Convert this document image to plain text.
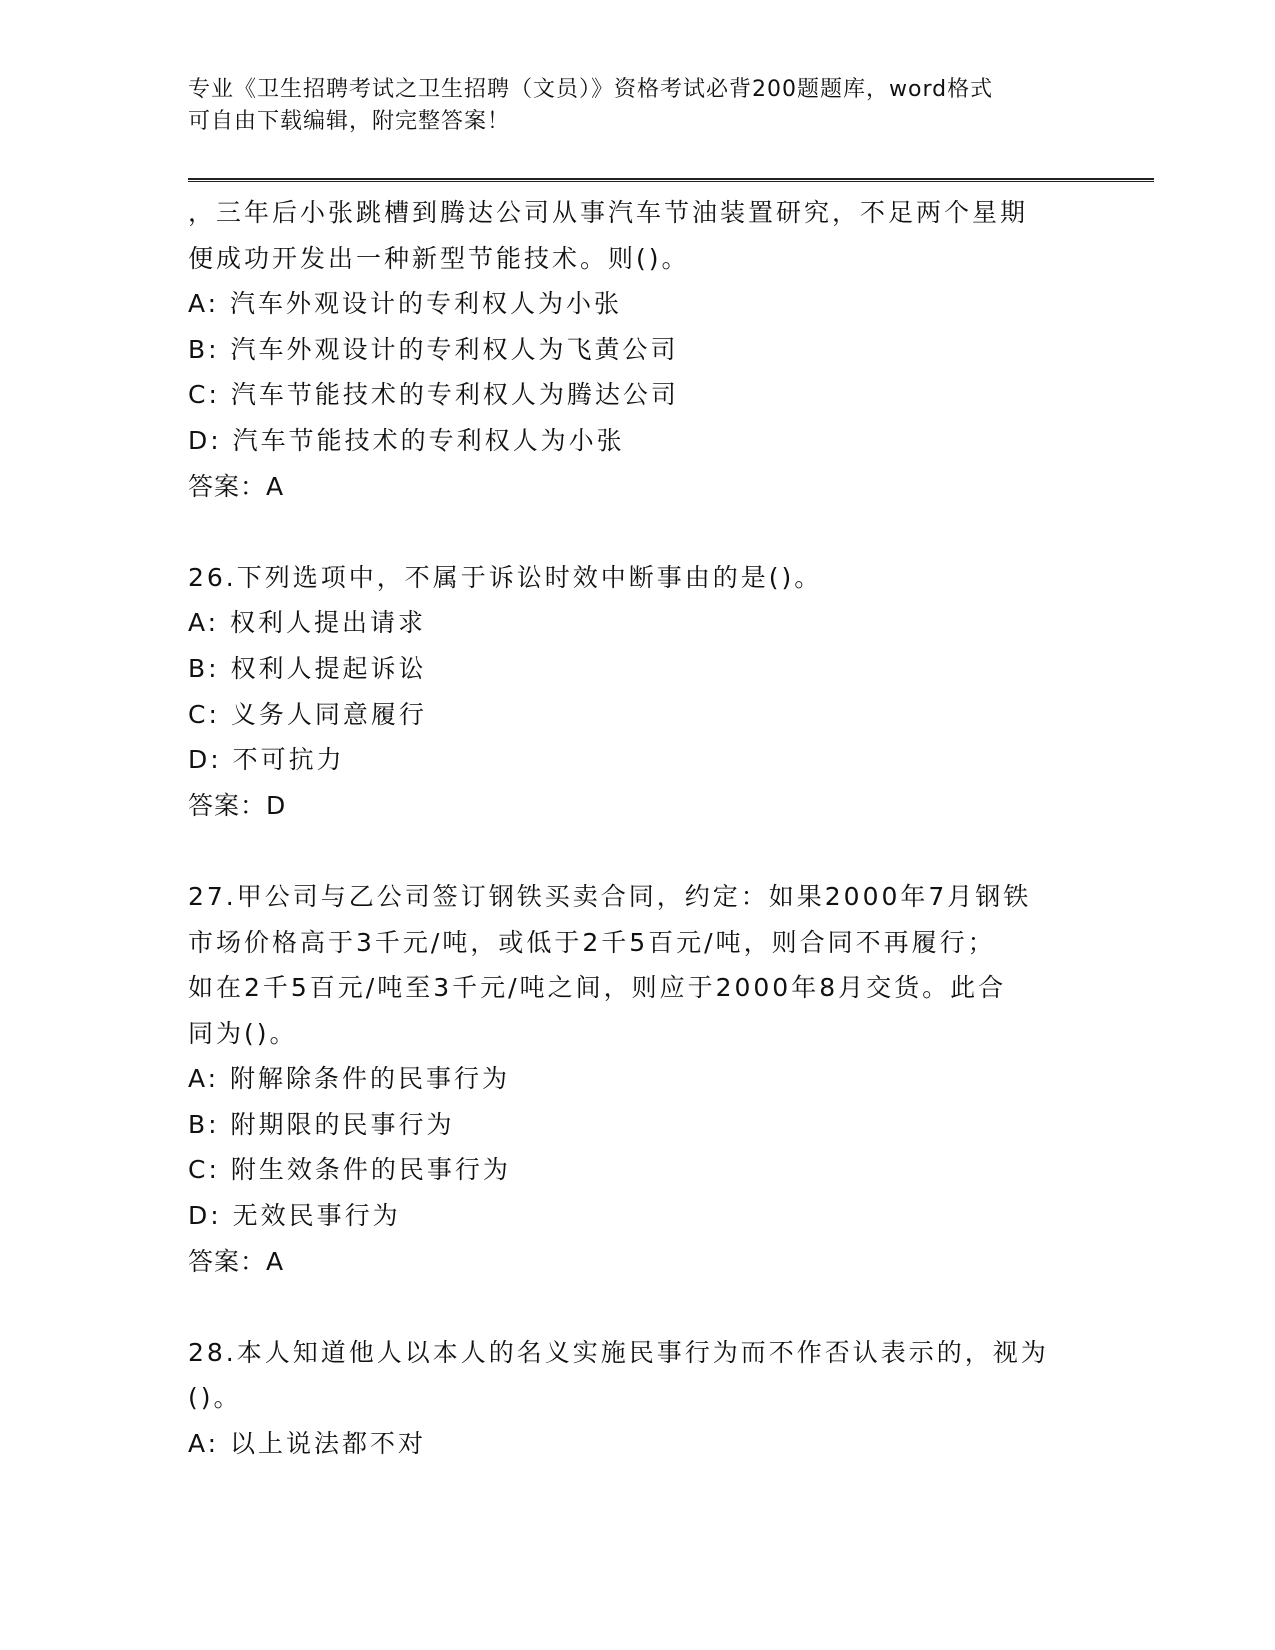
专业《卫生招聘考试之卫生招聘（文员）》资格考试必背200题题库，word格式
可自由下载编辑，附完整答案！
，三年后小张跳槽到腾达公司从事汽车节油装置研究，不足两个星期
便成功开发出一种新型节能技术。则()。
A: 汽车外观设计的专利权人为小张
B: 汽车外观设计的专利权人为飞黄公司
C: 汽车节能技术的专利权人为腾达公司
D: 汽车节能技术的专利权人为小张
答案：A
26.下列选项中，不属于诉讼时效中断事由的是()。
A: 权利人提出请求
B: 权利人提起诉讼
C: 义务人同意履行
D: 不可抗力
答案：D
27.甲公司与乙公司签订钢铁买卖合同，约定：如果2000年7月钢铁
市场价格高于3千元/吨，或低于2千5百元/吨，则合同不再履行；
如在2千5百元/吨至3千元/吨之间，则应于2000年8月交货。此合
同为()。
A: 附解除条件的民事行为
B: 附期限的民事行为
C: 附生效条件的民事行为
D: 无效民事行为
答案：A
28.本人知道他人以本人的名义实施民事行为而不作否认表示的，视为
()。
A: 以上说法都不对
